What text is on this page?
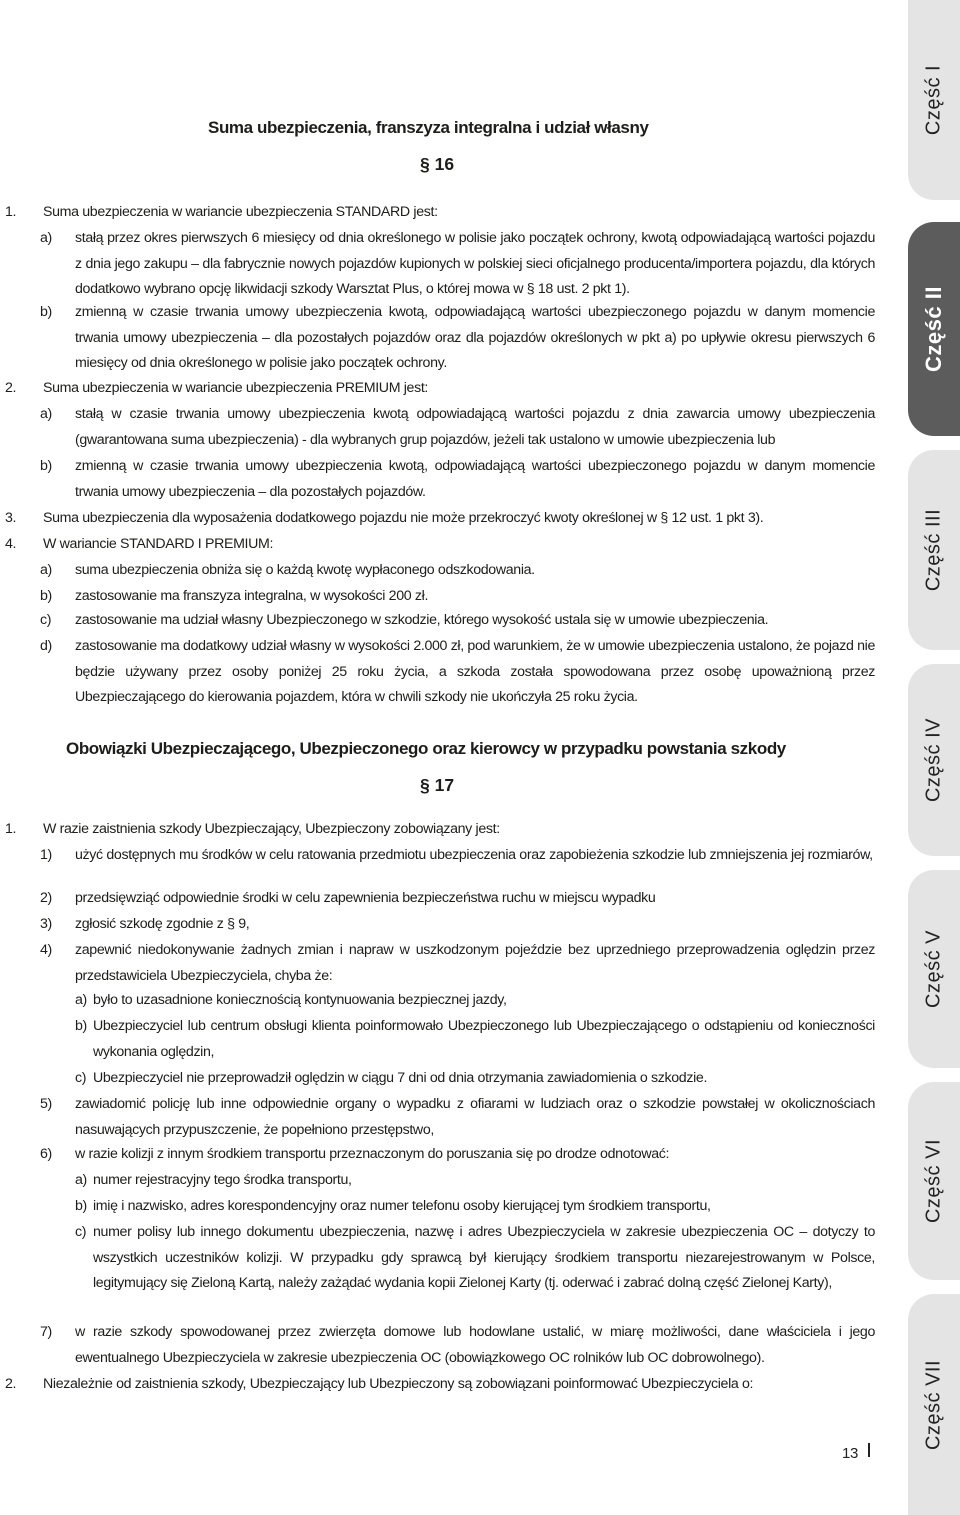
Suma ubezpieczenia, franszyza integralna i udział własny
§ 16
1.	Suma ubezpieczenia w wariancie ubezpieczenia STANDARD jest:
a)	stałą przez okres pierwszych 6 miesięcy od dnia określonego w polisie jako początek ochrony, kwotą odpowiadającą wartości pojazdu z dnia jego zakupu – dla fabrycznie nowych pojazdów kupionych w polskiej sieci oficjalnego producenta/importera pojazdu, dla których dodatkowo wybrano opcję likwidacji szkody Warsztat Plus, o której mowa w § 18 ust. 2 pkt 1).
b)	zmienną w czasie trwania umowy ubezpieczenia kwotą, odpowiadającą wartości ubezpieczonego pojazdu w danym momencie trwania umowy ubezpieczenia – dla pozostałych pojazdów oraz dla pojazdów określonych w pkt a) po upływie okresu pierwszych 6 miesięcy od dnia określonego w polisie jako początek ochrony.
2.	Suma ubezpieczenia w wariancie ubezpieczenia PREMIUM jest:
a)	stałą w czasie trwania umowy ubezpieczenia kwotą odpowiadającą wartości pojazdu z dnia zawarcia umowy ubezpieczenia (gwarantowana suma ubezpieczenia) - dla wybranych grup pojazdów, jeżeli tak ustalono w umowie ubezpieczenia lub
b)	zmienną w czasie trwania umowy ubezpieczenia kwotą, odpowiadającą wartości ubezpieczonego pojazdu w danym momencie trwania umowy ubezpieczenia – dla pozostałych pojazdów.
3.	Suma ubezpieczenia dla wyposażenia dodatkowego pojazdu nie może przekroczyć kwoty określonej w § 12 ust. 1 pkt 3).
4.	W wariancie STANDARD I PREMIUM:
a)	suma ubezpieczenia obniża się o każdą kwotę wypłaconego odszkodowania.
b)	zastosowanie ma franszyza integralna, w wysokości 200 zł.
c)	zastosowanie ma udział własny Ubezpieczonego w szkodzie, którego wysokość ustala się w umowie ubezpieczenia.
d)	zastosowanie ma dodatkowy udział własny w wysokości 2.000 zł, pod warunkiem, że w umowie ubezpieczenia ustalono, że pojazd nie będzie używany przez osoby poniżej 25 roku życia, a szkoda została spowodowana przez osobę upoważnioną przez Ubezpieczającego do kierowania pojazdem, która w chwili szkody nie ukończyła 25 roku życia.
Obowiązki Ubezpieczającego, Ubezpieczonego oraz kierowcy w przypadku powstania szkody
§ 17
1.	W razie zaistnienia szkody Ubezpieczający, Ubezpieczony zobowiązany jest:
1)	użyć dostępnych mu środków w celu ratowania przedmiotu ubezpieczenia oraz zapobieżenia szkodzie lub zmniejszenia jej rozmiarów,
2)	przedsięwziąć odpowiednie środki w celu zapewnienia bezpieczeństwa ruchu w miejscu wypadku
3)	zgłosić szkodę zgodnie z § 9,
4)	zapewnić niedokonywanie żadnych zmian i napraw w uszkodzonym pojeździe bez uprzedniego przeprowadzenia oględzin przez przedstawiciela Ubezpieczyciela, chyba że:
a) było to uzasadnione koniecznością kontynuowania bezpiecznej jazdy,
b) Ubezpieczyciel lub centrum obsługi klienta poinformowało Ubezpieczonego lub Ubezpieczającego o odstąpieniu od konieczności wykonania oględzin,
c) Ubezpieczyciel nie przeprowadził oględzin w ciągu 7 dni od dnia otrzymania zawiadomienia o szkodzie.
5)	zawiadomić policję lub inne odpowiednie organy o wypadku z ofiarami w ludziach oraz o szkodzie powstałej w okolicznościach nasuwających przypuszczenie, że popełniono przestępstwo,
6)	w razie kolizji z innym środkiem transportu przeznaczonym do poruszania się po drodze odnotować:
a) numer rejestracyjny tego środka transportu,
b) imię i nazwisko, adres korespondencyjny oraz numer telefonu osoby kierującej tym środkiem transportu,
c) numer polisy lub innego dokumentu ubezpieczenia, nazwę i adres Ubezpieczyciela w zakresie ubezpieczenia OC – dotyczy to wszystkich uczestników kolizji. W przypadku gdy sprawcą był kierujący środkiem transportu niezarejestrowanym w Polsce, legitymujący się Zieloną Kartą, należy zażądać wydania kopii Zielonej Karty (tj. oderwać i zabrać dolną część Zielonej Karty),
7)	w razie szkody spowodowanej przez zwierzęta domowe lub hodowlane ustalić, w miarę możliwości, dane właściciela i jego ewentualnego Ubezpieczyciela w zakresie ubezpieczenia OC (obowiązkowego OC rolników lub OC dobrowolnego).
2.	Niezależnie od zaistnienia szkody, Ubezpieczający lub Ubezpieczony są zobowiązani poinformować Ubezpieczyciela o:
13
Część I
Część II
Część III
Część IV
Część V
Część VI
Część VII
